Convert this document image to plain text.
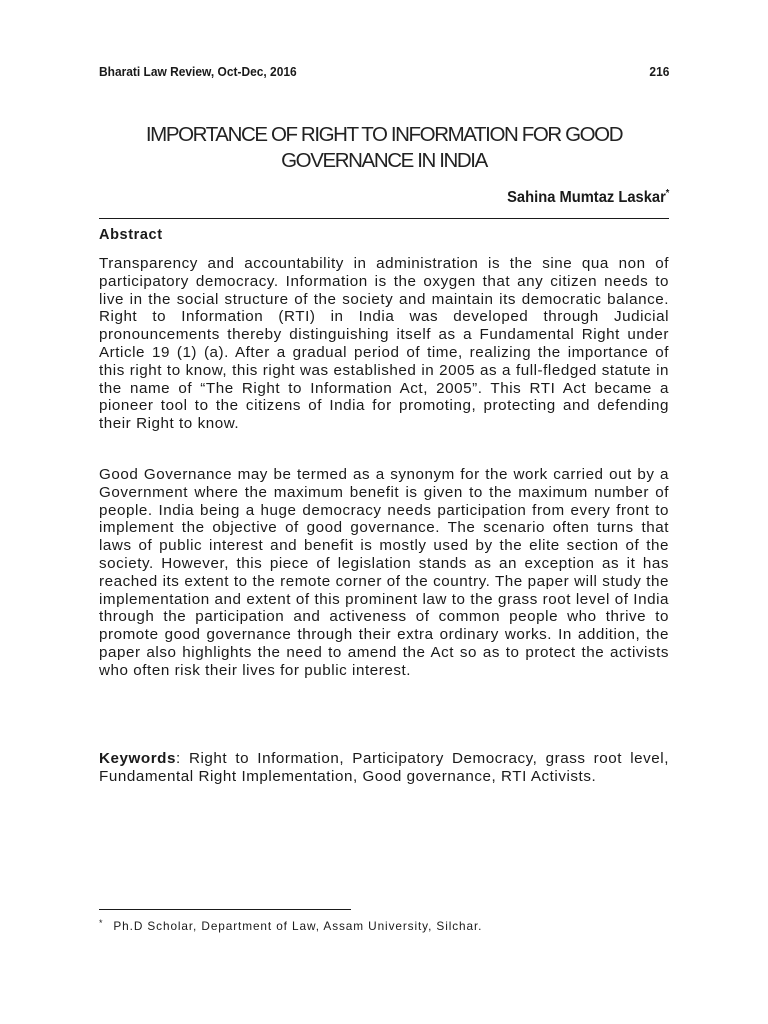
Bharati Law Review, Oct-Dec, 2016	216
IMPORTANCE OF RIGHT TO INFORMATION FOR GOOD
GOVERNANCE IN INDIA
Sahina Mumtaz Laskar*
Abstract

Transparency and accountability in administration is the sine qua non of participatory democracy. Information is the oxygen that any citizen needs to live in the social structure of the society and maintain its democratic balance. Right to Information (RTI) in India was developed through Judicial pronouncements thereby distinguishing itself as a Fundamental Right under Article 19 (1) (a). After a gradual period of time, realizing the importance of this right to know, this right was established in 2005 as a full-fledged statute in the name of “The Right to Information Act, 2005”. This RTI Act became a pioneer tool to the citizens of India for promoting, protecting and defending their Right to know.

Good Governance may be termed as a synonym for the work carried out by a Government where the maximum benefit is given to the maximum number of people. India being a huge democracy needs participation from every front to implement the objective of good governance. The scenario often turns that laws of public interest and benefit is mostly used by the elite section of the society. However, this piece of legislation stands as an exception as it has reached its extent to the remote corner of the country. The paper will study the implementation and extent of this prominent law to the grass root level of India through the participation and activeness of common people who thrive to promote good governance through their extra ordinary works. In addition, the paper also highlights the need to amend the Act so as to protect the activists who often risk their lives for public interest.

Keywords: Right to Information, Participatory Democracy, grass root level, Fundamental Right Implementation, Good governance, RTI Activists.

* Ph.D Scholar, Department of Law, Assam University, Silchar.
